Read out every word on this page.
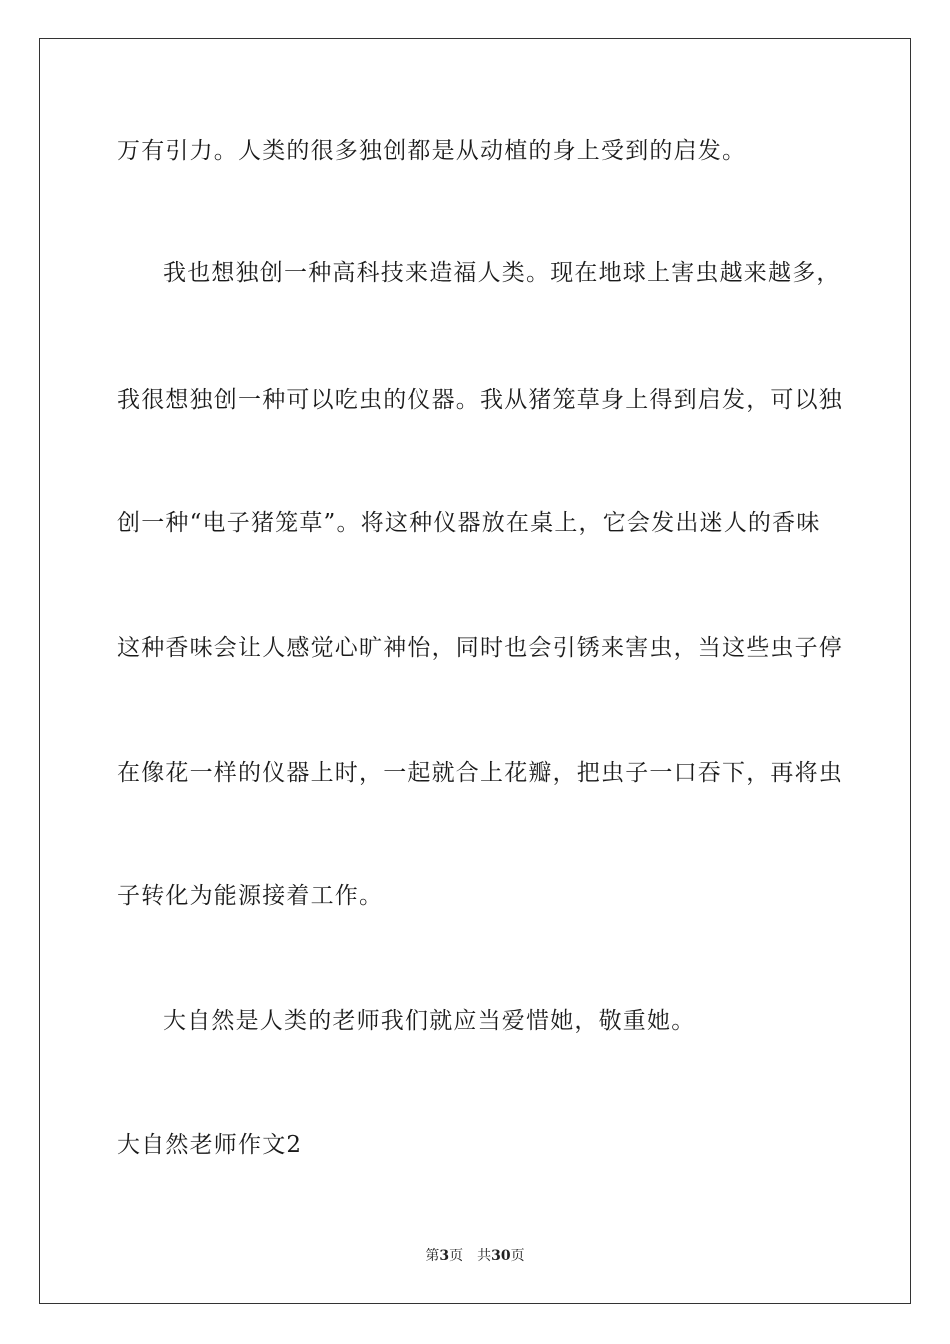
万有引力。人类的很多独创都是从动植的身上受到的启发。
我也想独创一种高科技来造福人类。现在地球上害虫越来越多，
我很想独创一种可以吃虫的仪器。我从猪笼草身上得到启发，可以独
创一种“电子猪笼草”。将这种仪器放在桌上，它会发出迷人的香味
这种香味会让人感觉心旷神怡，同时也会引锈来害虫，当这些虫子停
在像花一样的仪器上时，一起就合上花瓣，把虫子一口吞下，再将虫
子转化为能源接着工作。
大自然是人类的老师我们就应当爱惜她，敬重她。
大自然老师作文2
第3页 共30页
